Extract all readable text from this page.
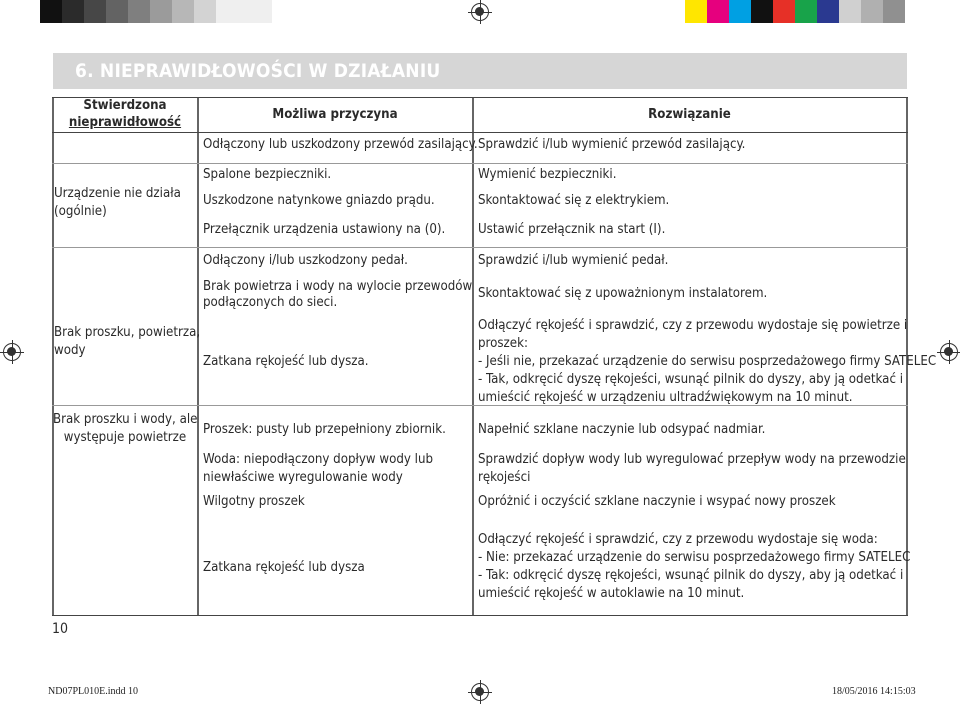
6. NIEPRAWIDŁOWOŚCI W DZIAŁANIU
Stwierdzona
nieprawidłowość
Możliwa przyczyna	Rozwiązanie
Urządzenie nie działa
(ogólnie)
Brak proszku, powietrza,
wody
Brak proszku i wody, ale
występuje powietrze
Odłączony lub uszkodzony przewód zasilający.
Spalone bezpieczniki.
Uszkodzone natynkowe gniazdo prądu.
Przełącznik urządzenia ustawiony na (0).
Odłączony i/lub uszkodzony pedał.
Brak powietrza i wody na wylocie przewodów
podłączonych do sieci.
Zatkana rękojeść lub dysza.
Proszek: pusty lub przepełniony zbiornik.
Woda: niepodłączony dopływ wody lub
niewłaściwe wyregulowanie wody
Wilgotny proszek
Zatkana rękojeść lub dysza
Sprawdzić i/lub wymienić przewód zasilający.
Wymienić bezpieczniki.
Skontaktować się z elektrykiem.
Ustawić przełącznik na start (I).
Sprawdzić i/lub wymienić pedał.
Skontaktować się z upoważnionym instalatorem.
Odłączyć rękojeść i sprawdzić, czy z przewodu wydostaje się powietrze i
proszek:
- Jeśli nie, przekazać urządzenie do serwisu posprzedażowego firmy SATELEC
- Tak, odkręcić dyszę rękojeści, wsunąć pilnik do dyszy, aby ją odetkać i
umieścić rękojeść w urządzeniu ultradźwiękowym na 10 minut.
Napełnić szklane naczynie lub odsypać nadmiar.
Sprawdzić dopływ wody lub wyregulować przepływ wody na przewodzie
rękojeści
Opróżnić i oczyścić szklane naczynie i wsypać nowy proszek
Odłączyć rękojeść i sprawdzić, czy z przewodu wydostaje się woda:
- Nie: przekazać urządzenie do serwisu posprzedażowego firmy SATELEC
- Tak: odkręcić dyszę rękojeści, wsunąć pilnik do dyszy, aby ją odetkać i
umieścić rękojeść w autoklawie na 10 minut.
10
ND07PL010E.indd 10	18/05/2016 14:15:03
